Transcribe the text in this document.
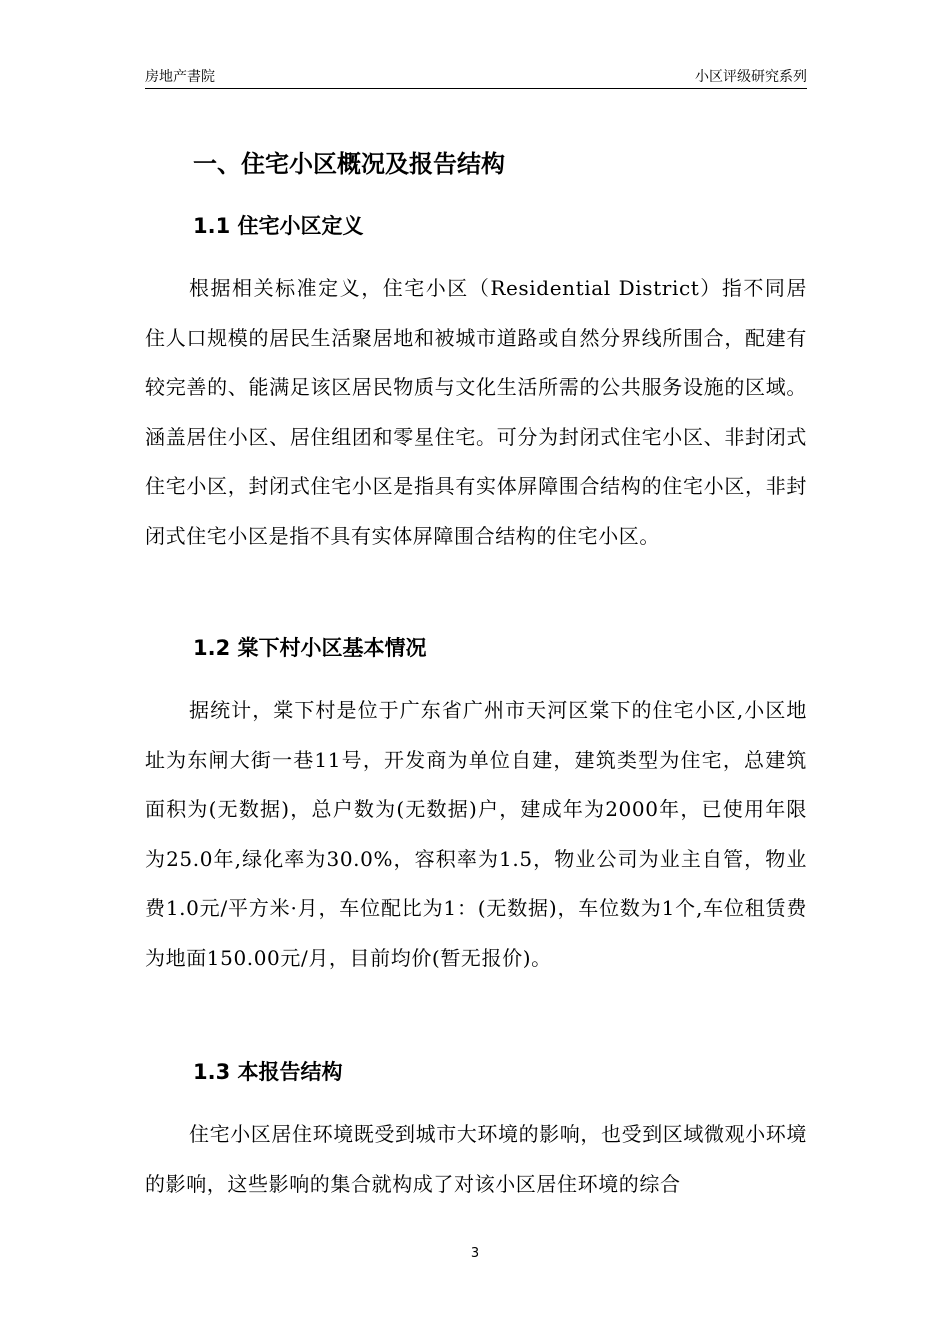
房地产書院	小区评级研究系列
一、住宅小区概况及报告结构
1.1 住宅小区定义
根据相关标准定义，住宅小区（Residential District）指不同居住人口规模的居民生活聚居地和被城市道路或自然分界线所围合，配建有较完善的、能满足该区居民物质与文化生活所需的公共服务设施的区域。涵盖居住小区、居住组团和零星住宅。可分为封闭式住宅小区、非封闭式住宅小区，封闭式住宅小区是指具有实体屏障围合结构的住宅小区，非封闭式住宅小区是指不具有实体屏障围合结构的住宅小区。
1.2 棠下村小区基本情况
据统计，棠下村是位于广东省广州市天河区棠下的住宅小区,小区地址为东闸大街一巷11号，开发商为单位自建，建筑类型为住宅，总建筑面积为(无数据)，总户数为(无数据)户，建成年为2000年，已使用年限为25.0年,绿化率为30.0%，容积率为1.5，物业公司为业主自管，物业费1.0元/平方米·月，车位配比为1：(无数据)，车位数为1个,车位租赁费为地面150.00元/月，目前均价(暂无报价)。
1.3 本报告结构
住宅小区居住环境既受到城市大环境的影响，也受到区域微观小环境的影响，这些影响的集合就构成了对该小区居住环境的综合
3
